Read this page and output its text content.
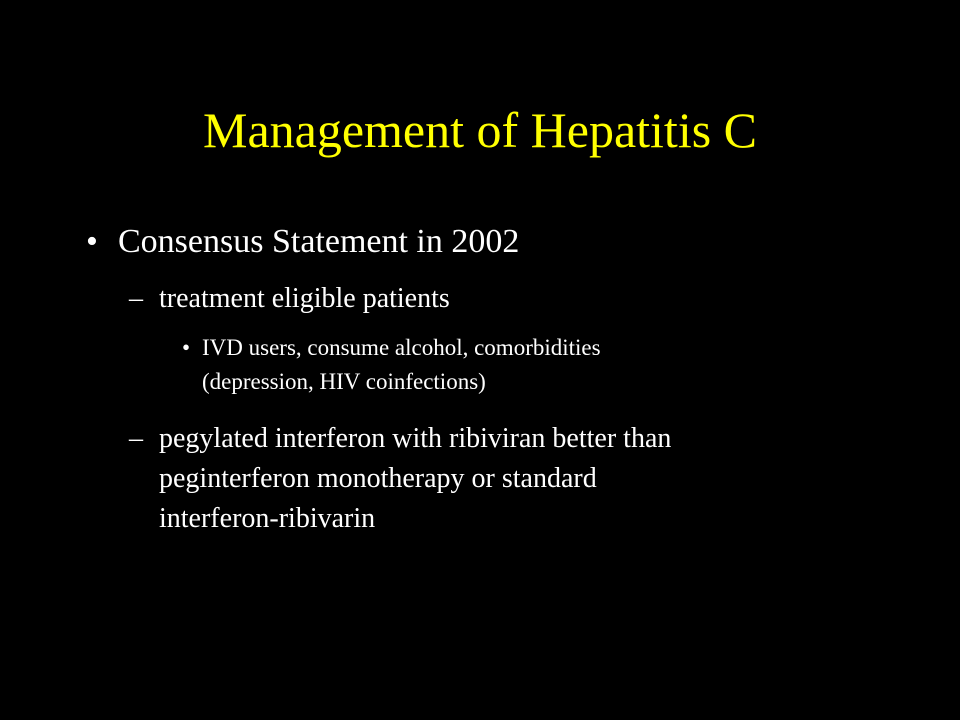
Management of Hepatitis C
• Consensus Statement in 2002
– treatment eligible patients
• IVD users, consume alcohol, comorbidities
(depression, HIV coinfections)
– pegylated interferon with ribiviran better than
peginterferon monotherapy or standard
interferon-ribivarin
